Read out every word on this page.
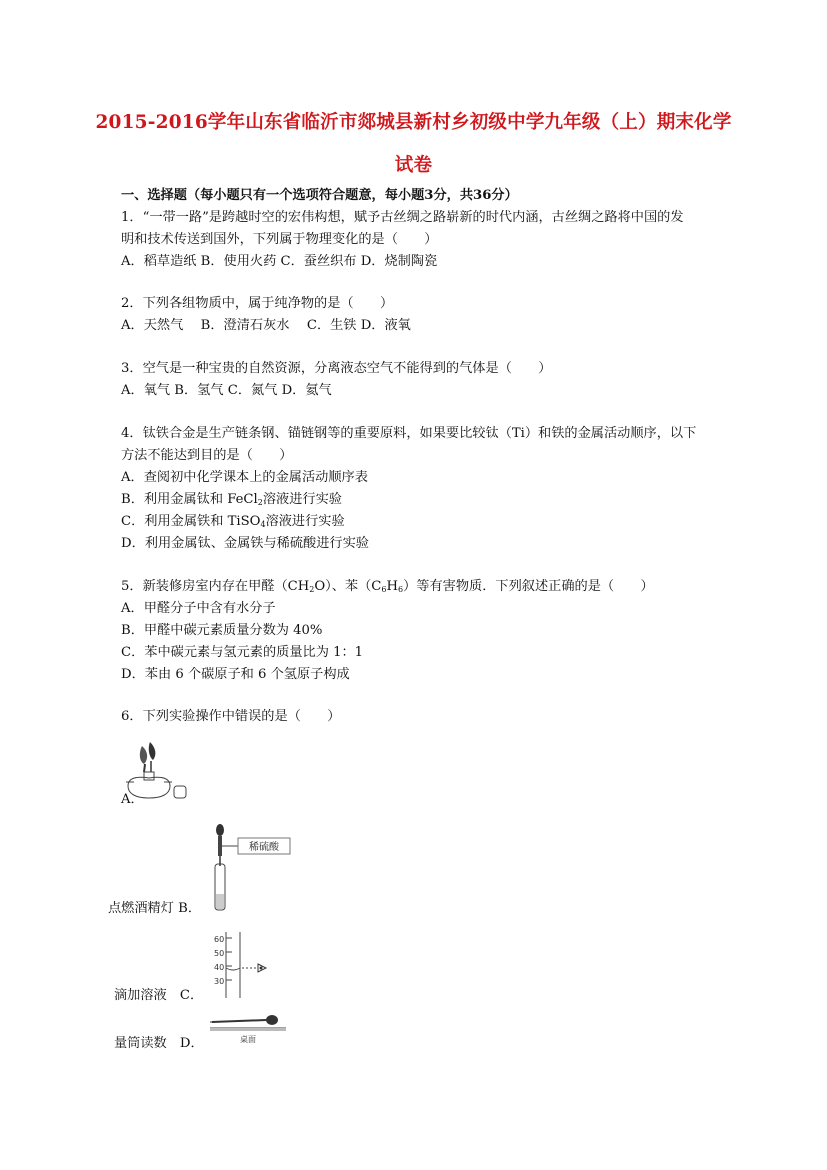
2015-2016学年山东省临沂市郯城县新村乡初级中学九年级（上）期末化学
试卷
一、选择题（每小题只有一个选项符合题意，每小题3分，共36分）
1．“一带一路”是跨越时空的宏伟构想，赋予古丝绸之路崭新的时代内涵，古丝绸之路将中国的发
明和技术传送到国外，下列属于物理变化的是（　　）
A．稻草造纸 B．使用火药 C．蚕丝织布 D．烧制陶瓷
2．下列各组物质中，属于纯净物的是（　　）
A．天然气　 B．澄清石灰水　 C．生铁 D．液氧
3．空气是一种宝贵的自然资源，分离液态空气不能得到的气体是（　　）
A．氧气 B．氢气 C．氮气 D．氦气
4．钛铁合金是生产链条钢、锚链钢等的重要原料，如果要比较钛（Ti）和铁的金属活动顺序，以下
方法不能达到目的是（　　）
A．查阅初中化学课本上的金属活动顺序表
B．利用金属钛和 FeCl$_2$溶液进行实验
C．利用金属铁和 TiSO$_4$溶液进行实验
D．利用金属钛、金属铁与稀硫酸进行实验
5．新装修房室内存在甲醛$(CH_2O)$、苯$(C_6H_6)$等有害物质．下列叙述正确的是（　　）
A．甲醛分子中含有水分子
B．甲醛中碳元素质量分数为 40%
C．苯中碳元素与氢元素的质量比为 1：1
D．苯由 6 个碳原子和 6 个氢原子构成
6．下列实验操作中错误的是（　　）
A．
稀硫酸
点燃酒精灯 B．
60
50
40
30
滴加溶液　C．
桌面
量筒读数　D．
